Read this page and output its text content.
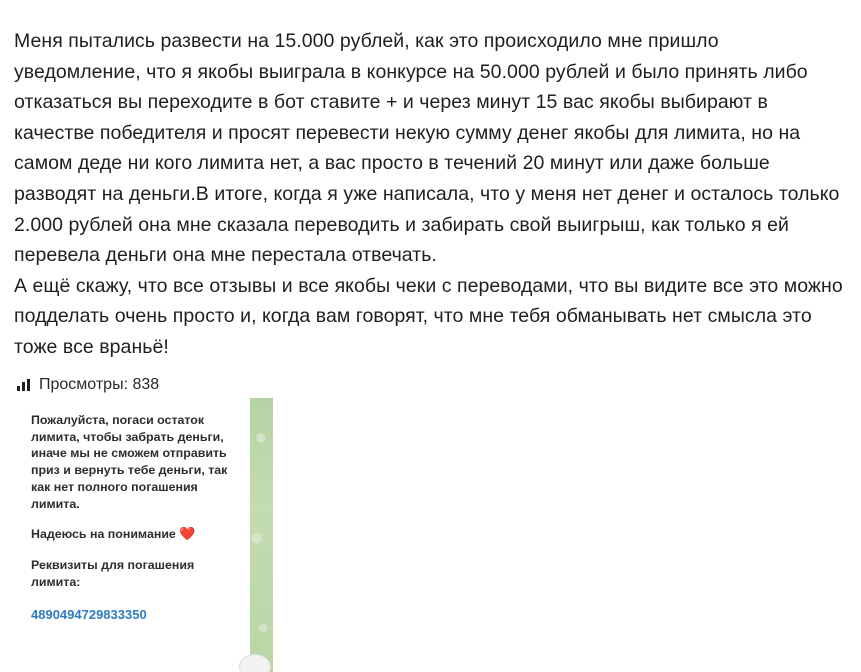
Меня пытались развести на 15.000 рублей, как это происходило мне пришло уведомление, что я якобы выиграла в конкурсе на 50.000 рублей и было принять либо отказаться вы переходите в бот ставите + и через минут 15 вас якобы выбирают в качестве победителя и просят перевести некую сумму денег якобы для лимита, но на самом деде ни кого лимита нет, а вас просто в течений 20 минут или даже больше разводят на деньги.В итоге, когда я уже написала, что у меня нет денег и осталось только 2.000 рублей она мне сказала переводить и забирать свой выигрыш, как только я ей перевела деньги она мне перестала отвечать.

А ещё скажу, что все отзывы и все якобы чеки с переводами, что вы видите все это можно подделать очень просто и, когда вам говорят, что мне тебя обманывать нет смысла это тоже все враньё!

Просмотры: 838
Пожалуйста, погаси остаток лимита, чтобы забрать деньги, иначе мы не сможем отправить приз и вернуть тебе деньги, так как нет полного погашения лимита.
Надеюсь на понимание ❤️
Реквизиты для погашения лимита:
4890494729833350
